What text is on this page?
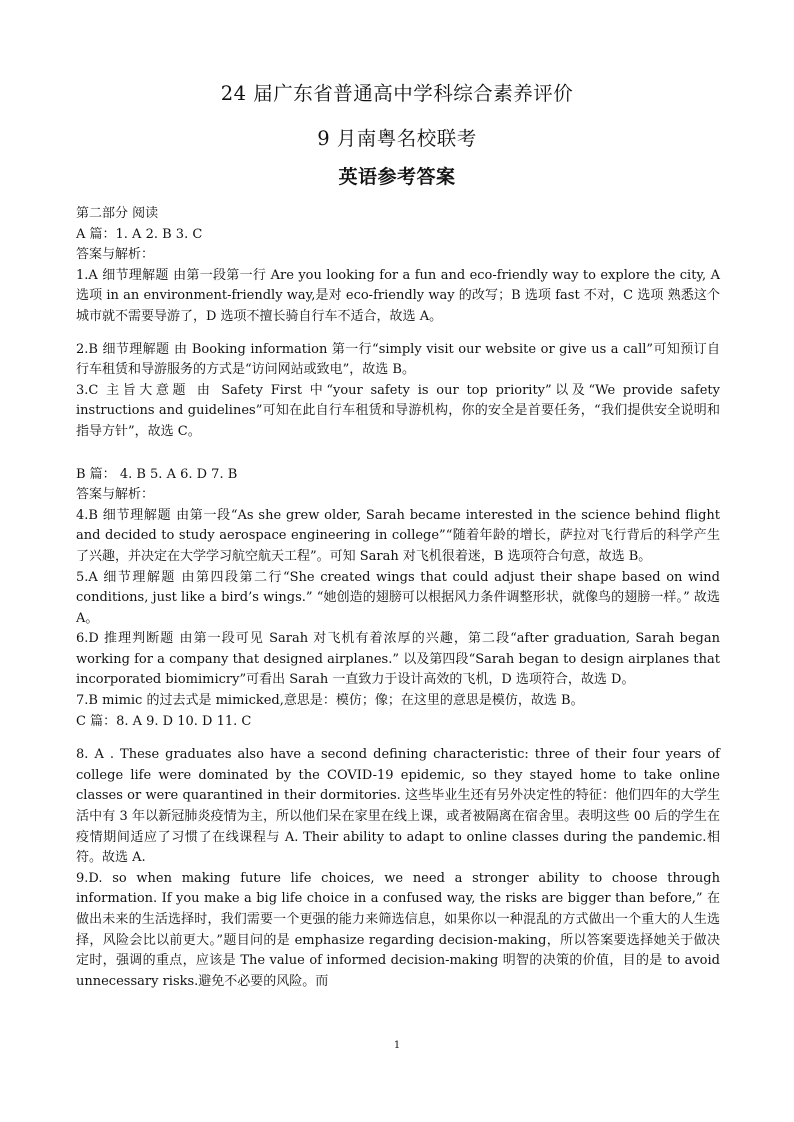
24 届广东省普通高中学科综合素养评价
9 月南粤名校联考
英语参考答案

第二部分 阅读

A 篇：1. A 2. B 3. C

答案与解析：

1.A 细节理解题 由第一段第一行 Are you looking for a fun and eco-friendly way to explore the city, A 选项 in an environment-friendly way,是对 eco-friendly way 的改写；B 选项 fast 不对，C 选项 熟悉这个城市就不需要导游了，D 选项不擅长骑自行车不适合，故选 A。

2.B 细节理解题 由 Booking information 第一行“simply visit our website or give us a call”可知预订自行车租赁和导游服务的方式是“访问网站或致电”，故选 B。

3.C 主旨大意题 由 Safety First 中“your safety is our top priority”以及“We provide safety instructions and guidelines”可知在此自行车租赁和导游机构，你的安全是首要任务，“我们提供安全说明和指导方针”，故选 C。

B 篇： 4. B 5. A 6. D 7. B

答案与解析：

4.B 细节理解题 由第一段“As she grew older, Sarah became interested in the science behind flight and decided to study aerospace engineering in college”“随着年龄的增长，萨拉对飞行背后的科学产生了兴趣，并决定在大学学习航空航天工程”。可知 Sarah 对飞机很着迷，B 选项符合句意，故选 B。

5.A 细节理解题 由第四段第二行“She created wings that could adjust their shape based on wind conditions, just like a bird’s wings.” “她创造的翅膀可以根据风力条件调整形状，就像鸟的翅膀一样。” 故选 A。

6.D 推理判断题 由第一段可见 Sarah 对飞机有着浓厚的兴趣，第二段“after graduation, Sarah began working for a company that designed airplanes.” 以及第四段“Sarah began to design airplanes that incorporated biomimicry”可看出 Sarah 一直致力于设计高效的飞机，D 选项符合，故选 D。

7.B mimic 的过去式是 mimicked,意思是：模仿；像；在这里的意思是模仿，故选 B。

C 篇：8. A 9. D 10. D 11. C

8. A . These graduates also have a second defining characteristic: three of their four years of college life were dominated by the COVID-19 epidemic, so they stayed home to take online classes or were quarantined in their dormitories. 这些毕业生还有另外决定性的特征：他们四年的大学生活中有 3 年以新冠肺炎疫情为主，所以他们呆在家里在线上课，或者被隔离在宿舍里。表明这些 00 后的学生在疫情期间适应了习惯了在线课程与 A. Their ability to adapt to online classes during the pandemic.相符。故选 A.

9.D. so when making future life choices, we need a stronger ability to choose through information. If you make a big life choice in a confused way, the risks are bigger than before,” 在做出未来的生活选择时，我们需要一个更强的能力来筛选信息，如果你以一种混乱的方式做出一个重大的人生选择，风险会比以前更大。”题目问的是 emphasize regarding decision-making，所以答案要选择她关于做决定时，强调的重点，应该是 The value of informed decision-making 明智的决策的价值，目的是 to avoid unnecessary risks.避免不必要的风险。而

1
